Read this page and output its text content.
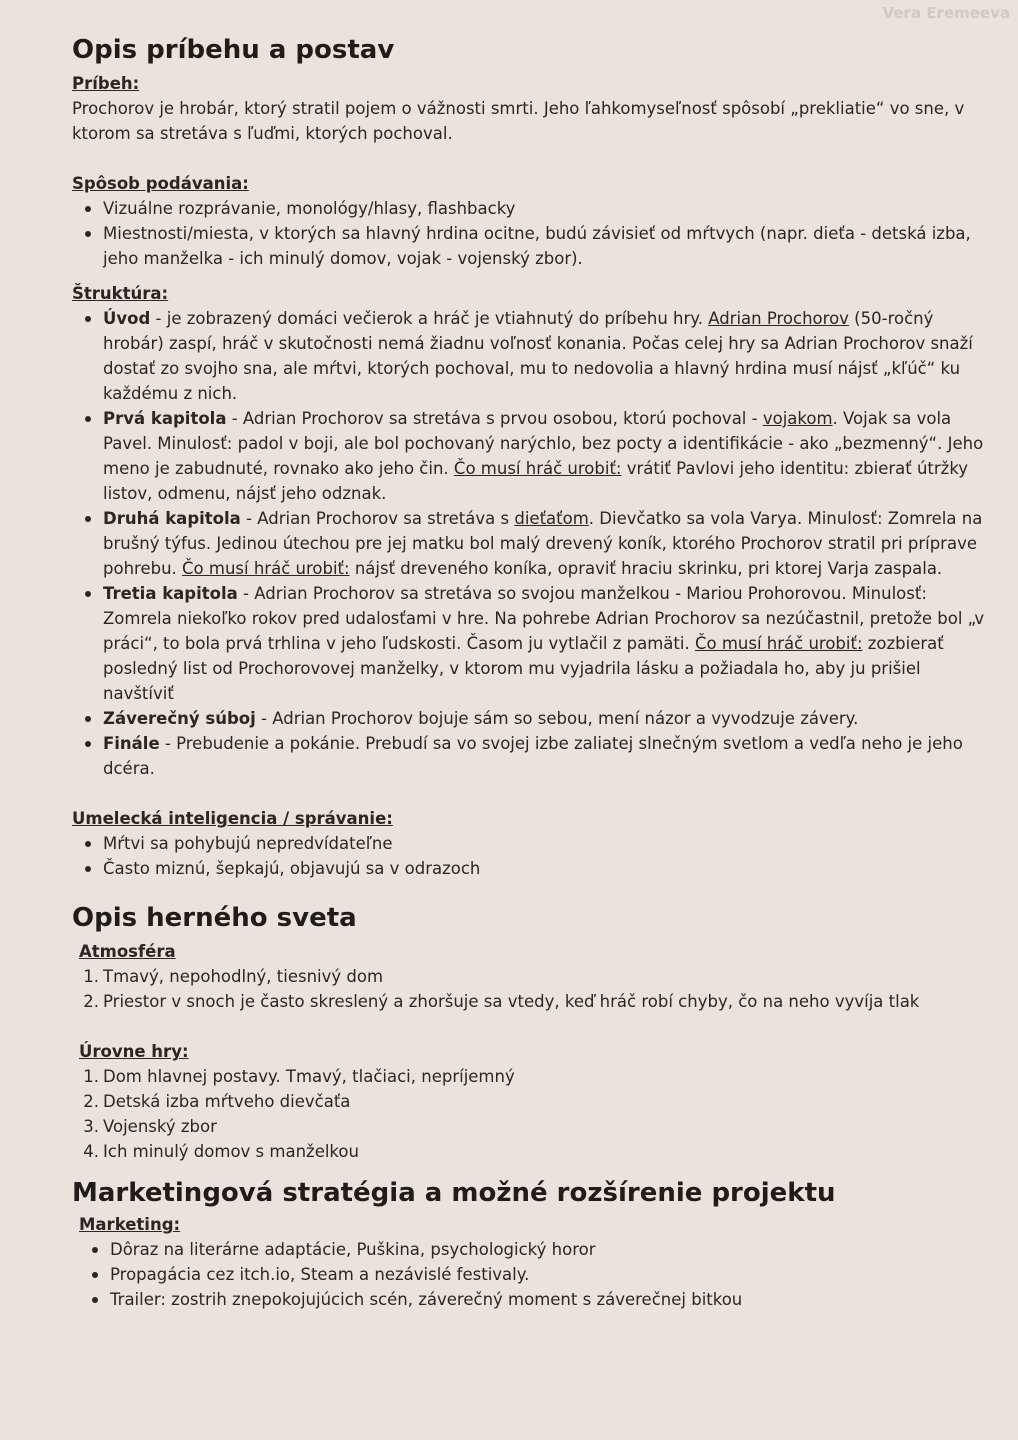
Vera Eremeeva
Opis príbehu a postav
Príbeh:

Prochorov je hrobár, ktorý stratil pojem o vážnosti smrti. Jeho ľahkomyseľnosť spôsobí „prekliatie“ vo sne, v ktorom sa stretáva s ľuďmi, ktorých pochoval.

Spôsob podávania:
Vizuálne rozprávanie, monológy/hlasy, flashbacky
Miestnosti/miesta, v ktorých sa hlavný hrdina ocitne, budú závisieť od mŕtvych (napr. dieťa - detská izba, jeho manželka - ich minulý domov, vojak - vojenský zbor).
Štruktúra:
Úvod - je zobrazený domáci večierok a hráč je vtiahnutý do príbehu hry. Adrian Prochorov (50-ročný hrobár) zaspí, hráč v skutočnosti nemá žiadnu voľnosť konania. Počas celej hry sa Adrian Prochorov snaží dostať zo svojho sna, ale mŕtvi, ktorých pochoval, mu to nedovolia a hlavný hrdina musí nájsť „kľúč“ ku každému z nich.
Prvá kapitola - Adrian Prochorov sa stretáva s prvou osobou, ktorú pochoval - vojakom. Vojak sa vola Pavel. Minulosť: padol v boji, ale bol pochovaný narýchlo, bez pocty a identifikácie - ako „bezmenný“. Jeho meno je zabudnuté, rovnako ako jeho čin. Čo musí hráč urobiť: vrátiť Pavlovi jeho identitu: zbierať útržky listov, odmenu, nájsť jeho odznak.
Druhá kapitola - Adrian Prochorov sa stretáva s dieťaťom. Dievčatko sa vola Varya. Minulosť: Zomrela na brušný týfus. Jedinou útechou pre jej matku bol malý drevený koník, ktorého Prochorov stratil pri príprave pohrebu. Čo musí hráč urobiť: nájsť dreveného koníka, opraviť hraciu skrinku, pri ktorej Varja zaspala.
Tretia kapitola - Adrian Prochorov sa stretáva so svojou manželkou - Mariou Prohorovou. Minulosť: Zomrela niekoľko rokov pred udalosťami v hre. Na pohrebe Adrian Prochorov sa nezúčastnil, pretože bol „v práci“, to bola prvá trhlina v jeho ľudskosti. Časom ju vytlačil z pamäti. Čo musí hráč urobiť: zozbierať posledný list od Prochorovovej manželky, v ktorom mu vyjadrila lásku a požiadala ho, aby ju prišiel navštíviť
Záverečný súboj - Adrian Prochorov bojuje sám so sebou, mení názor a vyvodzuje závery.
Finále - Prebudenie a pokánie. Prebudí sa vo svojej izbe zaliatej slnečným svetlom a vedľa neho je jeho dcéra.
Umelecká inteligencia / správanie:
Mŕtvi sa pohybujú nepredvídateľne
Často miznú, šepkajú, objavujú sa v odrazoch
Opis herného sveta
Atmosféra
1. Tmavý, nepohodlný, tiesnivý dom
2. Priestor v snoch je často skreslený a zhoršuje sa vtedy, keď hráč robí chyby, čo na neho vyvíja tlak
Úrovne hry:
1. Dom hlavnej postavy. Tmavý, tlačiaci, nepríjemný
2. Detská izba mŕtveho dievčaťa
3. Vojenský zbor
4. Ich minulý domov s manželkou
Marketingová stratégia a možné rozšírenie projektu
Marketing:
Dôraz na literárne adaptácie, Puškina, psychologický horor
Propagácia cez itch.io, Steam a nezávislé festivaly.
Trailer: zostrih znepokojujúcich scén, záverečný moment s záverečnej bitkou
